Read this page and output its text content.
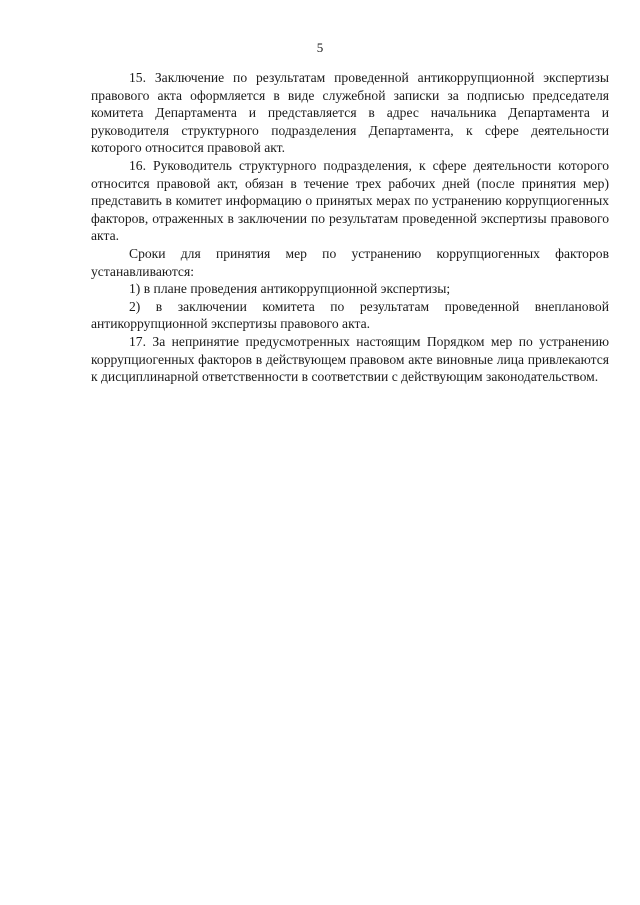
5

15. Заключение по результатам проведенной антикоррупционной экспертизы правового акта оформляется в виде служебной записки за подписью председателя комитета Департамента и представляется в адрес начальника Департамента и руководителя структурного подразделения Департамента, к сфере деятельности которого относится правовой акт.

16. Руководитель структурного подразделения, к сфере деятельности которого относится правовой акт, обязан в течение трех рабочих дней (после принятия мер) представить в комитет информацию о принятых мерах по устранению коррупциогенных факторов, отраженных в заключении по результатам проведенной экспертизы правового акта.

Сроки для принятия мер по устранению коррупциогенных факторов устанавливаются:

1) в плане проведения антикоррупционной экспертизы;

2) в заключении комитета по результатам проведенной внеплановой антикоррупционной экспертизы правового акта.

17. За непринятие предусмотренных настоящим Порядком мер по устранению коррупциогенных факторов в действующем правовом акте виновные лица привлекаются к дисциплинарной ответственности в соответствии с действующим законодательством.
